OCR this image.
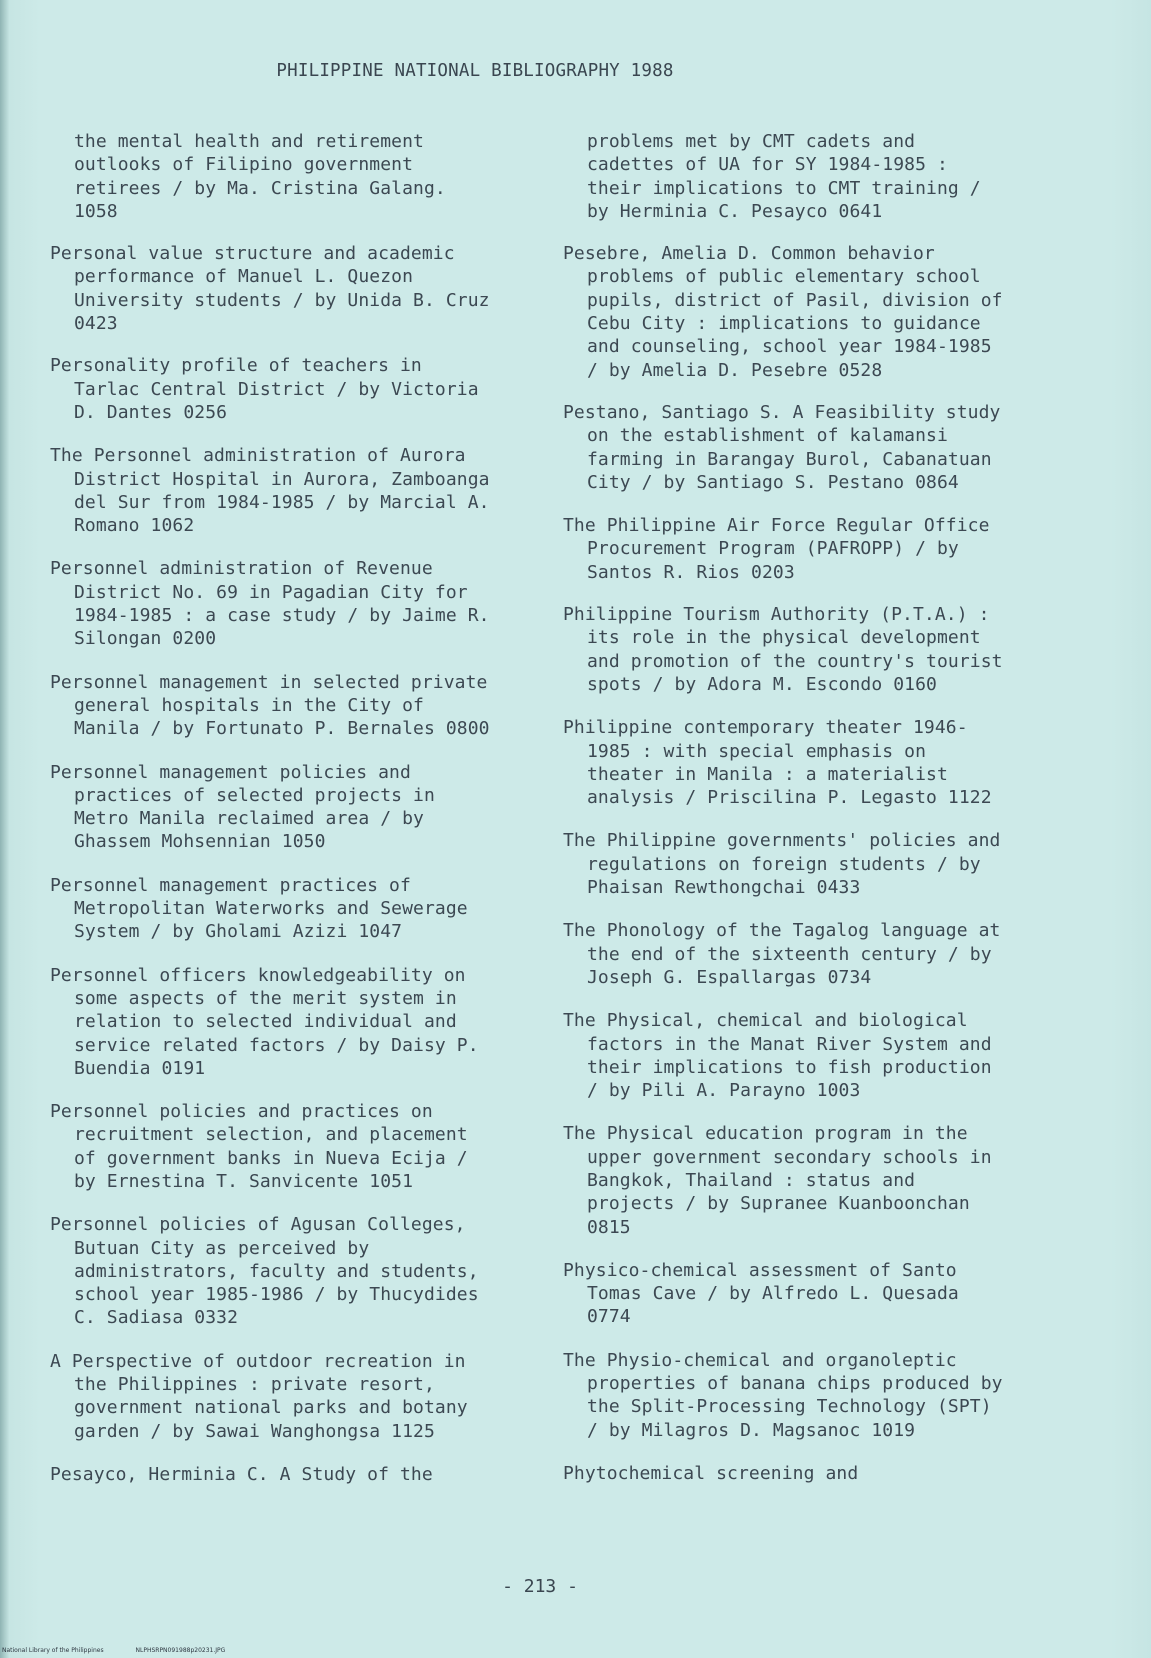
PHILIPPINE NATIONAL BIBLIOGRAPHY 1988
the mental health and retirement
outlooks of Filipino government
retirees / by Ma. Cristina Galang.
1058
Personal value structure and academic
performance of Manuel L. Quezon
University students / by Unida B. Cruz
0423
Personality profile of teachers in
Tarlac Central District / by Victoria
D. Dantes 0256
The Personnel administration of Aurora
District Hospital in Aurora, Zamboanga
del Sur from 1984-1985 / by Marcial A.
Romano 1062
Personnel administration of Revenue
District No. 69 in Pagadian City for
1984-1985 : a case study / by Jaime R.
Silongan 0200
Personnel management in selected private
general hospitals in the City of
Manila / by Fortunato P. Bernales 0800
Personnel management policies and
practices of selected projects in
Metro Manila reclaimed area / by
Ghassem Mohsennian 1050
Personnel management practices of
Metropolitan Waterworks and Sewerage
System / by Gholami Azizi 1047
Personnel officers knowledgeability on
some aspects of the merit system in
relation to selected individual and
service related factors / by Daisy P.
Buendia 0191
Personnel policies and practices on
recruitment selection, and placement
of government banks in Nueva Ecija /
by Ernestina T. Sanvicente 1051
Personnel policies of Agusan Colleges,
Butuan City as perceived by
administrators, faculty and students,
school year 1985-1986 / by Thucydides
C. Sadiasa 0332
A Perspective of outdoor recreation in
the Philippines : private resort,
government national parks and botany
garden / by Sawai Wanghongsa 1125
Pesayco, Herminia C. A Study of the
problems met by CMT cadets and
cadettes of UA for SY 1984-1985 :
their implications to CMT training /
by Herminia C. Pesayco 0641
Pesebre, Amelia D. Common behavior
problems of public elementary school
pupils, district of Pasil, division of
Cebu City : implications to guidance
and counseling, school year 1984-1985
/ by Amelia D. Pesebre 0528
Pestano, Santiago S. A Feasibility study
on the establishment of kalamansi
farming in Barangay Burol, Cabanatuan
City / by Santiago S. Pestano 0864
The Philippine Air Force Regular Office
Procurement Program (PAFROPP) / by
Santos R. Rios 0203
Philippine Tourism Authority (P.T.A.) :
its role in the physical development
and promotion of the country's tourist
spots / by Adora M. Escondo 0160
Philippine contemporary theater 1946-
1985 : with special emphasis on
theater in Manila : a materialist
analysis / Priscilina P. Legasto 1122
The Philippine governments' policies and
regulations on foreign students / by
Phaisan Rewthongchai 0433
The Phonology of the Tagalog language at
the end of the sixteenth century / by
Joseph G. Espallargas 0734
The Physical, chemical and biological
factors in the Manat River System and
their implications to fish production
/ by Pili A. Parayno 1003
The Physical education program in the
upper government secondary schools in
Bangkok, Thailand : status and
projects / by Supranee Kuanboonchan
0815
Physico-chemical assessment of Santo
Tomas Cave / by Alfredo L. Quesada
0774
The Physio-chemical and organoleptic
properties of banana chips produced by
the Split-Processing Technology (SPT)
/ by Milagros D. Magsanoc 1019
Phytochemical screening and
- 213 -
National Library of the Philippines	NLPHSRPN091988p20231.JPG
